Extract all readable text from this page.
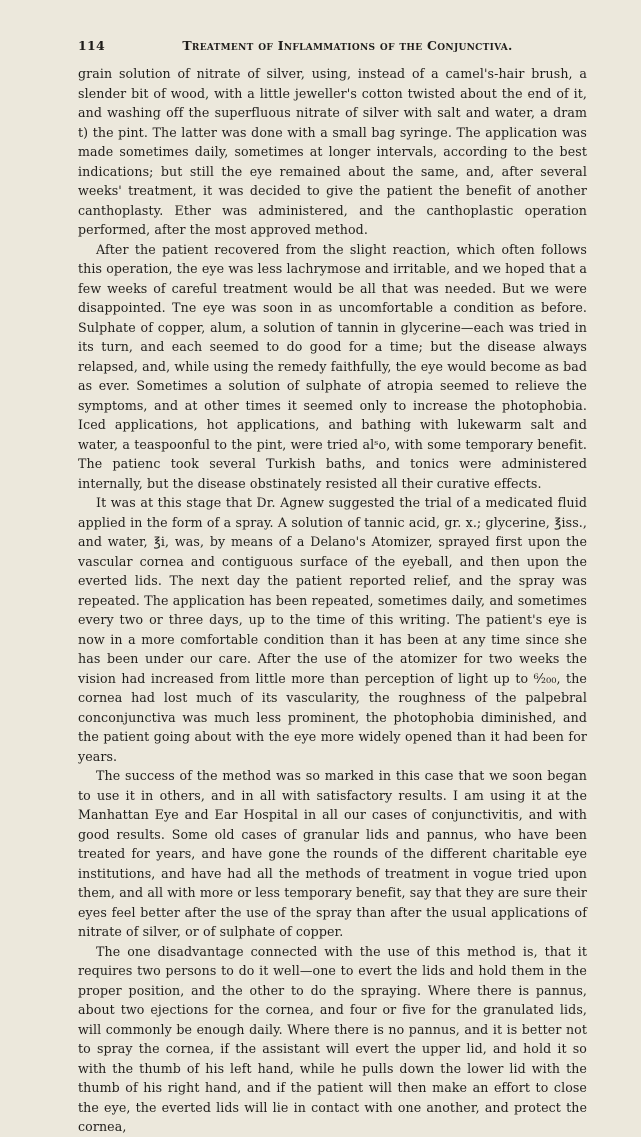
114	Treatment of Inflammations of the Conjunctiva.

grain solution of nitrate of silver, using, instead of a camel's-hair brush, a slender bit of wood, with a little jeweller's cotton twisted about the end of it, and washing off the superfluous nitrate of silver with salt and water, a dram t) the pint. The latter was done with a small bag syringe. The application was made sometimes daily, sometimes at longer intervals, according to the best indications; but still the eye remained about the same, and, after several weeks' treatment, it was decided to give the patient the benefit of another canthoplasty. Ether was administered, and the canthoplastic operation performed, after the most approved method.

After the patient recovered from the slight reaction, which often follows this operation, the eye was less lachrymose and irritable, and we hoped that a few weeks of careful treatment would be all that was needed. But we were disappointed. Tne eye was soon in as uncomfortable a condition as before. Sulphate of copper, alum, a solution of tannin in glycerine—each was tried in its turn, and each seemed to do good for a time; but the disease always relapsed, and, while using the remedy faithfully, the eye would become as bad as ever. Sometimes a solution of sulphate of atropia seemed to relieve the symptoms, and at other times it seemed only to increase the photophobia. Iced applications, hot applications, and bathing with lukewarm salt and water, a teaspoonful to the pint, were tried alˢo, with some temporary benefit. The patienc took several Turkish baths, and tonics were administered internally, but the disease obstinately resisted all their curative effects.

It was at this stage that Dr. Agnew suggested the trial of a medicated fluid applied in the form of a spray. A solution of tannic acid, gr. x.; glycerine, ℥iss., and water, ℥i, was, by means of a Delano's Atomizer, sprayed first upon the vascular cornea and contiguous surface of the eyeball, and then upon the everted lids. The next day the patient reported relief, and the spray was repeated. The application has been repeated, sometimes daily, and sometimes every two or three days, up to the time of this writing. The patient's eye is now in a more comfortable condition than it has been at any time since she has been under our care. After the use of the atomizer for two weeks the vision had increased from little more than perception of light up to ⁶⁄₂₀₀, the cornea had lost much of its vascularity, the roughness of the palpebral conconjunctiva was much less prominent, the photophobia diminished, and the patient going about with the eye more widely opened than it had been for years.

The success of the method was so marked in this case that we soon began to use it in others, and in all with satisfactory results. I am using it at the Manhattan Eye and Ear Hospital in all our cases of conjunctivitis, and with good results. Some old cases of granular lids and pannus, who have been treated for years, and have gone the rounds of the different charitable eye institutions, and have had all the methods of treatment in vogue tried upon them, and all with more or less temporary benefit, say that they are sure their eyes feel better after the use of the spray than after the usual applications of nitrate of silver, or of sulphate of copper.

The one disadvantage connected with the use of this method is, that it requires two persons to do it well—one to evert the lids and hold them in the proper position, and the other to do the spraying. Where there is pannus, about two ejections for the cornea, and four or five for the granulated lids, will commonly be enough daily. Where there is no pannus, and it is better not to spray the cornea, if the assistant will evert the upper lid, and hold it so with the thumb of his left hand, while he pulls down the lower lid with the thumb of his right hand, and if the patient will then make an effort to close the eye, the everted lids will lie in contact with one another, and protect the cornea,
